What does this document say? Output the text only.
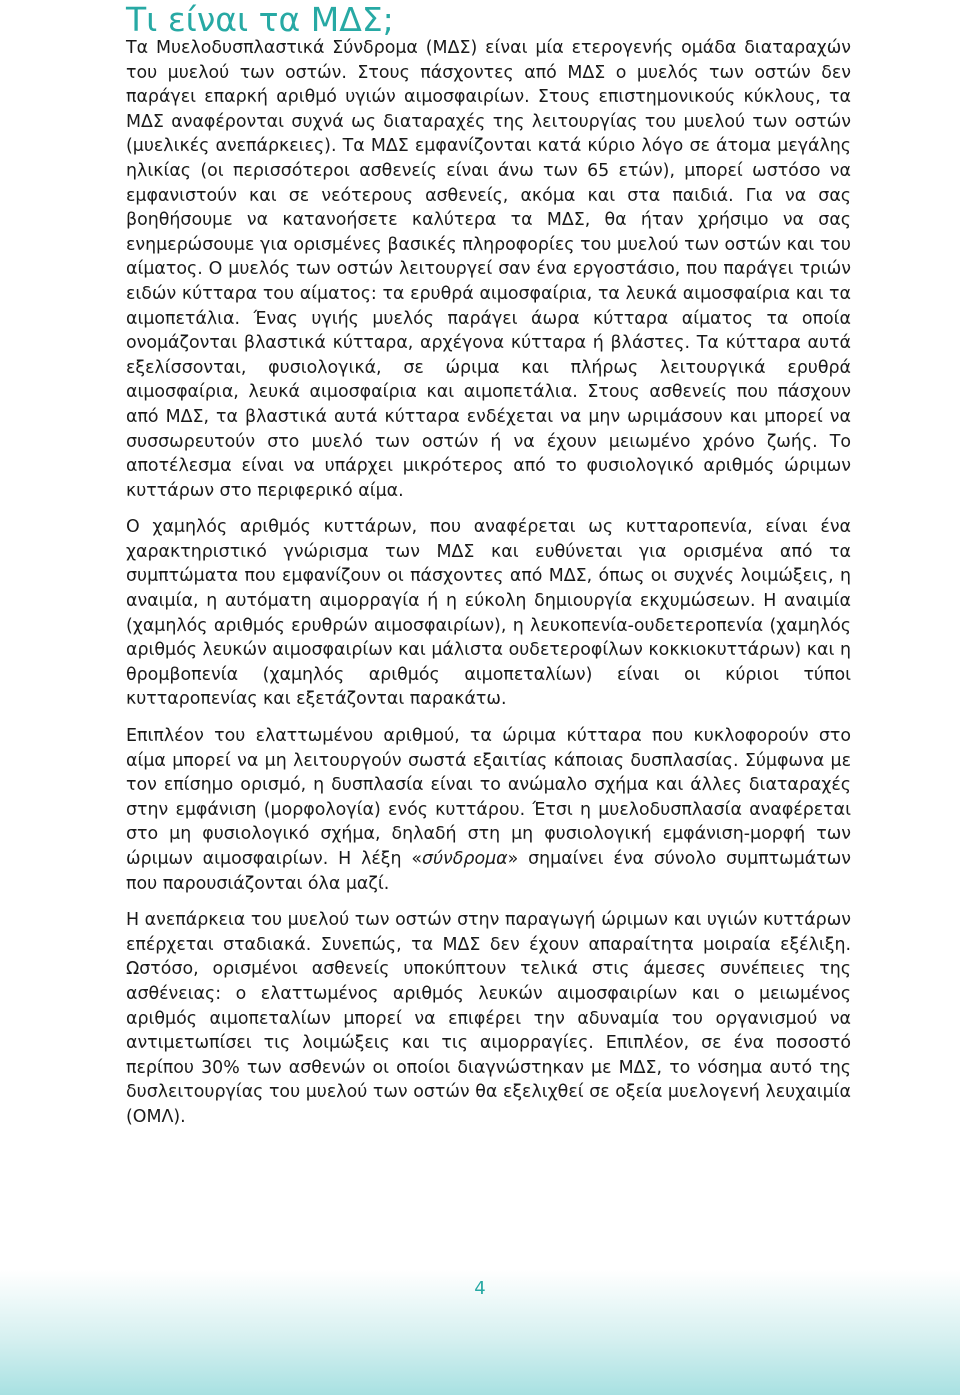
Τι είναι τα ΜΔΣ;

Τα Μυελοδυσπλαστικά Σύνδρομα (ΜΔΣ) είναι μία ετερογενής ομάδα διαταραχών του μυελού των οστών. Στους πάσχοντες από ΜΔΣ ο μυελός των οστών δεν παράγει επαρκή αριθμό υγιών αιμοσφαιρίων. Στους επιστημονικούς κύκλους, τα ΜΔΣ αναφέρονται συχνά ως διαταραχές της λειτουργίας του μυελού των οστών (μυελικές ανεπάρκειες). Τα ΜΔΣ εμφανίζονται κατά κύριο λόγο σε άτομα μεγάλης ηλικίας (οι περισσότεροι ασθενείς είναι άνω των 65 ετών), μπορεί ωστόσο να εμφανιστούν και σε νεότερους ασθενείς, ακόμα και στα παιδιά. Για να σας βοηθήσουμε να κατανοήσετε καλύτερα τα ΜΔΣ, θα ήταν χρήσιμο να σας ενημερώσουμε για ορισμένες βασικές πληροφορίες του μυελού των οστών και του αίματος. Ο μυελός των οστών λειτουργεί σαν ένα εργοστάσιο, που παράγει τριών ειδών κύτταρα του αίματος: τα ερυθρά αιμοσφαίρια, τα λευκά αιμοσφαίρια και τα αιμοπετάλια. Ένας υγιής μυελός παράγει άωρα κύτταρα αίματος τα οποία ονομάζονται βλαστικά κύτταρα, αρχέγονα κύτταρα ή βλάστες. Τα κύτταρα αυτά εξελίσσονται, φυσιολογικά, σε ώριμα και πλήρως λειτουργικά ερυθρά αιμοσφαίρια, λευκά αιμοσφαίρια και αιμοπετάλια. Στους ασθενείς που πάσχουν από ΜΔΣ, τα βλαστικά αυτά κύτταρα ενδέχεται να μην ωριμάσουν και μπορεί να συσσωρευτούν στο μυελό των οστών ή να έχουν μειωμένο χρόνο ζωής. Το αποτέλεσμα είναι να υπάρχει μικρότερος από το φυσιολογικό αριθμός ώριμων κυττάρων στο περιφερικό αίμα.

Ο χαμηλός αριθμός κυττάρων, που αναφέρεται ως κυτταροπενία, είναι ένα χαρακτηριστικό γνώρισμα των ΜΔΣ και ευθύνεται για ορισμένα από τα συμπτώματα που εμφανίζουν οι πάσχοντες από ΜΔΣ, όπως οι συχνές λοιμώξεις, η αναιμία, η αυτόματη αιμορραγία ή η εύκολη δημιουργία εκχυμώσεων. Η αναιμία (χαμηλός αριθμός ερυθρών αιμοσφαιρίων), η λευκοπενία-ουδετεροπενία (χαμηλός αριθμός λευκών αιμοσφαιρίων και μάλιστα ουδετεροφίλων κοκκιοκυττάρων) και η θρομβοπενία (χαμηλός αριθμός αιμοπεταλίων) είναι οι κύριοι τύποι κυτταροπενίας και εξετάζονται παρακάτω.

Επιπλέον του ελαττωμένου αριθμού, τα ώριμα κύτταρα που κυκλοφορούν στο αίμα μπορεί να μη λειτουργούν σωστά εξαιτίας κάποιας δυσπλασίας. Σύμφωνα με τον επίσημο ορισμό, η δυσπλασία είναι το ανώμαλο σχήμα και άλλες διαταραχές στην εμφάνιση (μορφολογία) ενός κυττάρου. Έτσι η μυελοδυσπλασία αναφέρεται στο μη φυσιολογικό σχήμα, δηλαδή στη μη φυσιολογική εμφάνιση-μορφή των ώριμων αιμοσφαιρίων. Η λέξη «σύνδρομα» σημαίνει ένα σύνολο συμπτωμάτων που παρουσιάζονται όλα μαζί.

Η ανεπάρκεια του μυελού των οστών στην παραγωγή ώριμων και υγιών κυττάρων επέρχεται σταδιακά. Συνεπώς, τα ΜΔΣ δεν έχουν απαραίτητα μοιραία εξέλιξη. Ωστόσο, ορισμένοι ασθενείς υποκύπτουν τελικά στις άμεσες συνέπειες της ασθένειας: ο ελαττωμένος αριθμός λευκών αιμοσφαιρίων και ο μειωμένος αριθμός αιμοπεταλίων μπορεί να επιφέρει την αδυναμία του οργανισμού να αντιμετωπίσει τις λοιμώξεις και τις αιμορραγίες. Επιπλέον, σε ένα ποσοστό περίπου 30% των ασθενών οι οποίοι διαγνώστηκαν με ΜΔΣ, το νόσημα αυτό της δυσλειτουργίας του μυελού των οστών θα εξελιχθεί σε οξεία μυελογενή λευχαιμία (ΟΜΛ).

4
